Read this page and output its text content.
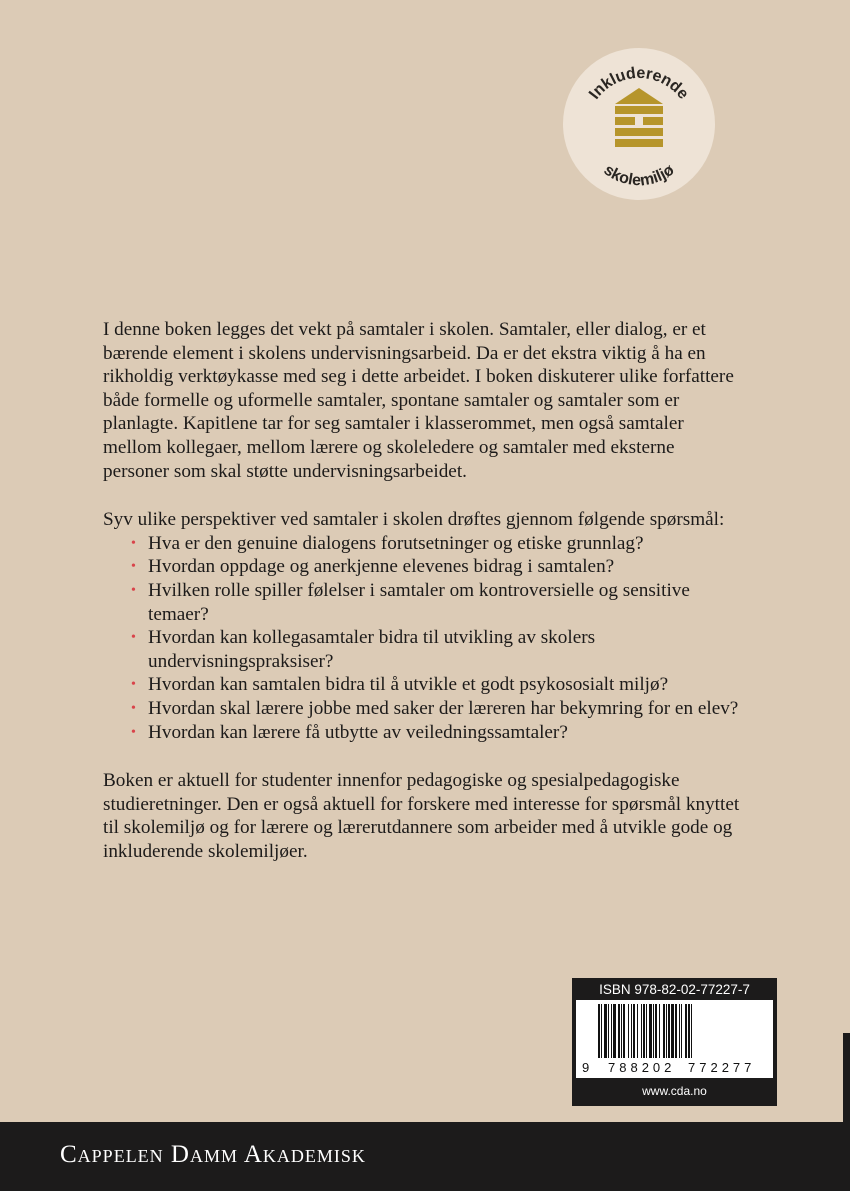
Inkluderende
skolemiljø

I denne boken legges det vekt på samtaler i skolen. Samtaler, eller dialog, er et bærende element i skolens undervisningsarbeid. Da er det ekstra viktig å ha en rikholdig verktøykasse med seg i dette arbeidet. I boken diskuterer ulike forfattere både formelle og uformelle samtaler, spontane samtaler og samtaler som er planlagte. Kapitlene tar for seg samtaler i klasserommet, men også samtaler mellom kollegaer, mellom lærere og skoleledere og samtaler med eksterne personer som skal støtte undervisningsarbeidet.

Syv ulike perspektiver ved samtaler i skolen drøftes gjennom følgende spørsmål:

• Hva er den genuine dialogens forutsetninger og etiske grunnlag?
• Hvordan oppdage og anerkjenne elevenes bidrag i samtalen?
• Hvilken rolle spiller følelser i samtaler om kontroversielle og sensitive temaer?
• Hvordan kan kollegasamtaler bidra til utvikling av skolers undervisningspraksiser?
• Hvordan kan samtalen bidra til å utvikle et godt psykososialt miljø?
• Hvordan skal lærere jobbe med saker der læreren har bekymring for en elev?
• Hvordan kan lærere få utbytte av veiledningssamtaler?

Boken er aktuell for studenter innenfor pedagogiske og spesialpedagogiske studieretninger. Den er også aktuell for forskere med interesse for spørsmål knyttet til skolemiljø og for lærere og lærerutdannere som arbeider med å utvikle gode og inkluderende skolemiljøer.

ISBN 978-82-02-77227-7
9 788202 772277
www.cda.no
Cappelen Damm Akademisk
